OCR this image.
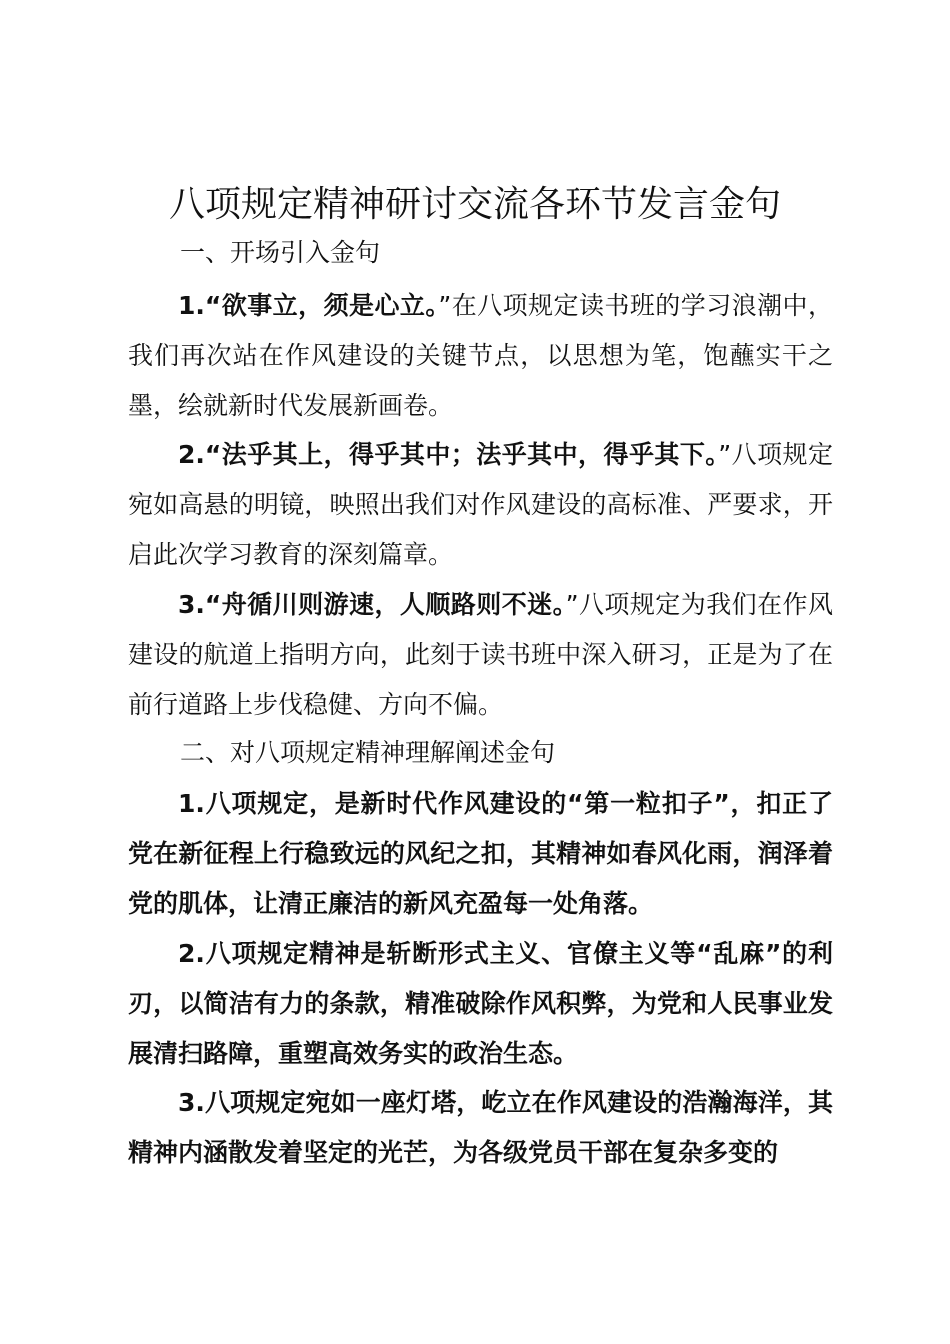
八项规定精神研讨交流各环节发言金句
一、开场引入金句

1.“欲事立，须是心立。”在八项规定读书班的学习浪潮中，我们再次站在作风建设的关键节点，以思想为笔，饱蘸实干之墨，绘就新时代发展新画卷。

2.“法乎其上，得乎其中；法乎其中，得乎其下。”八项规定宛如高悬的明镜，映照出我们对作风建设的高标准、严要求，开启此次学习教育的深刻篇章。

3.“舟循川则游速，人顺路则不迷。”八项规定为我们在作风建设的航道上指明方向，此刻于读书班中深入研习，正是为了在前行道路上步伐稳健、方向不偏。

二、对八项规定精神理解阐述金句

1.八项规定，是新时代作风建设的“第一粒扣子”，扣正了党在新征程上行稳致远的风纪之扣，其精神如春风化雨，润泽着党的肌体，让清正廉洁的新风充盈每一处角落。

2.八项规定精神是斩断形式主义、官僚主义等“乱麻”的利刃，以简洁有力的条款，精准破除作风积弊，为党和人民事业发展清扫路障，重塑高效务实的政治生态。

3.八项规定宛如一座灯塔，屹立在作风建设的浩瀚海洋，其精神内涵散发着坚定的光芒，为各级党员干部在复杂多变的
